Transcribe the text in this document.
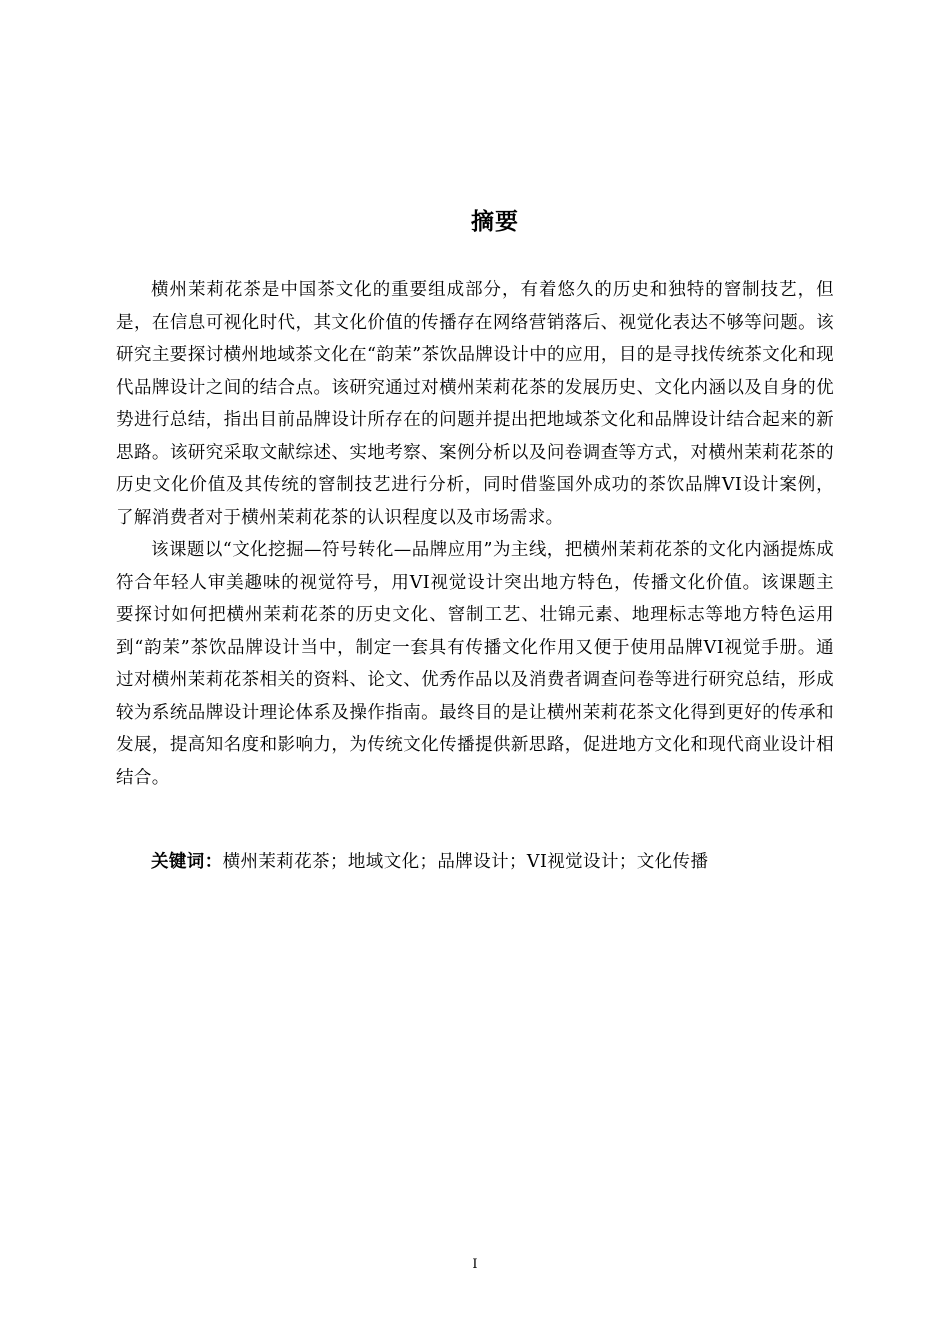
摘要

横州茉莉花茶是中国茶文化的重要组成部分，有着悠久的历史和独特的窨制技艺，但是，在信息可视化时代，其文化价值的传播存在网络营销落后、视觉化表达不够等问题。该研究主要探讨横州地域茶文化在“韵茉”茶饮品牌设计中的应用，目的是寻找传统茶文化和现代品牌设计之间的结合点。该研究通过对横州茉莉花茶的发展历史、文化内涵以及自身的优势进行总结，指出目前品牌设计所存在的问题并提出把地域茶文化和品牌设计结合起来的新思路。该研究采取文献综述、实地考察、案例分析以及问卷调查等方式，对横州茉莉花茶的历史文化价值及其传统的窨制技艺进行分析，同时借鉴国外成功的茶饮品牌VI设计案例，了解消费者对于横州茉莉花茶的认识程度以及市场需求。

该课题以“文化挖掘—符号转化—品牌应用”为主线，把横州茉莉花茶的文化内涵提炼成符合年轻人审美趣味的视觉符号，用VI视觉设计突出地方特色，传播文化价值。该课题主要探讨如何把横州茉莉花茶的历史文化、窨制工艺、壮锦元素、地理标志等地方特色运用到“韵茉”茶饮品牌设计当中，制定一套具有传播文化作用又便于使用品牌VI视觉手册。通过对横州茉莉花茶相关的资料、论文、优秀作品以及消费者调查问卷等进行研究总结，形成较为系统品牌设计理论体系及操作指南。最终目的是让横州茉莉花茶文化得到更好的传承和发展，提高知名度和影响力，为传统文化传播提供新思路，促进地方文化和现代商业设计相结合。

关键词：横州茉莉花茶；地域文化；品牌设计；VI视觉设计；文化传播
I
